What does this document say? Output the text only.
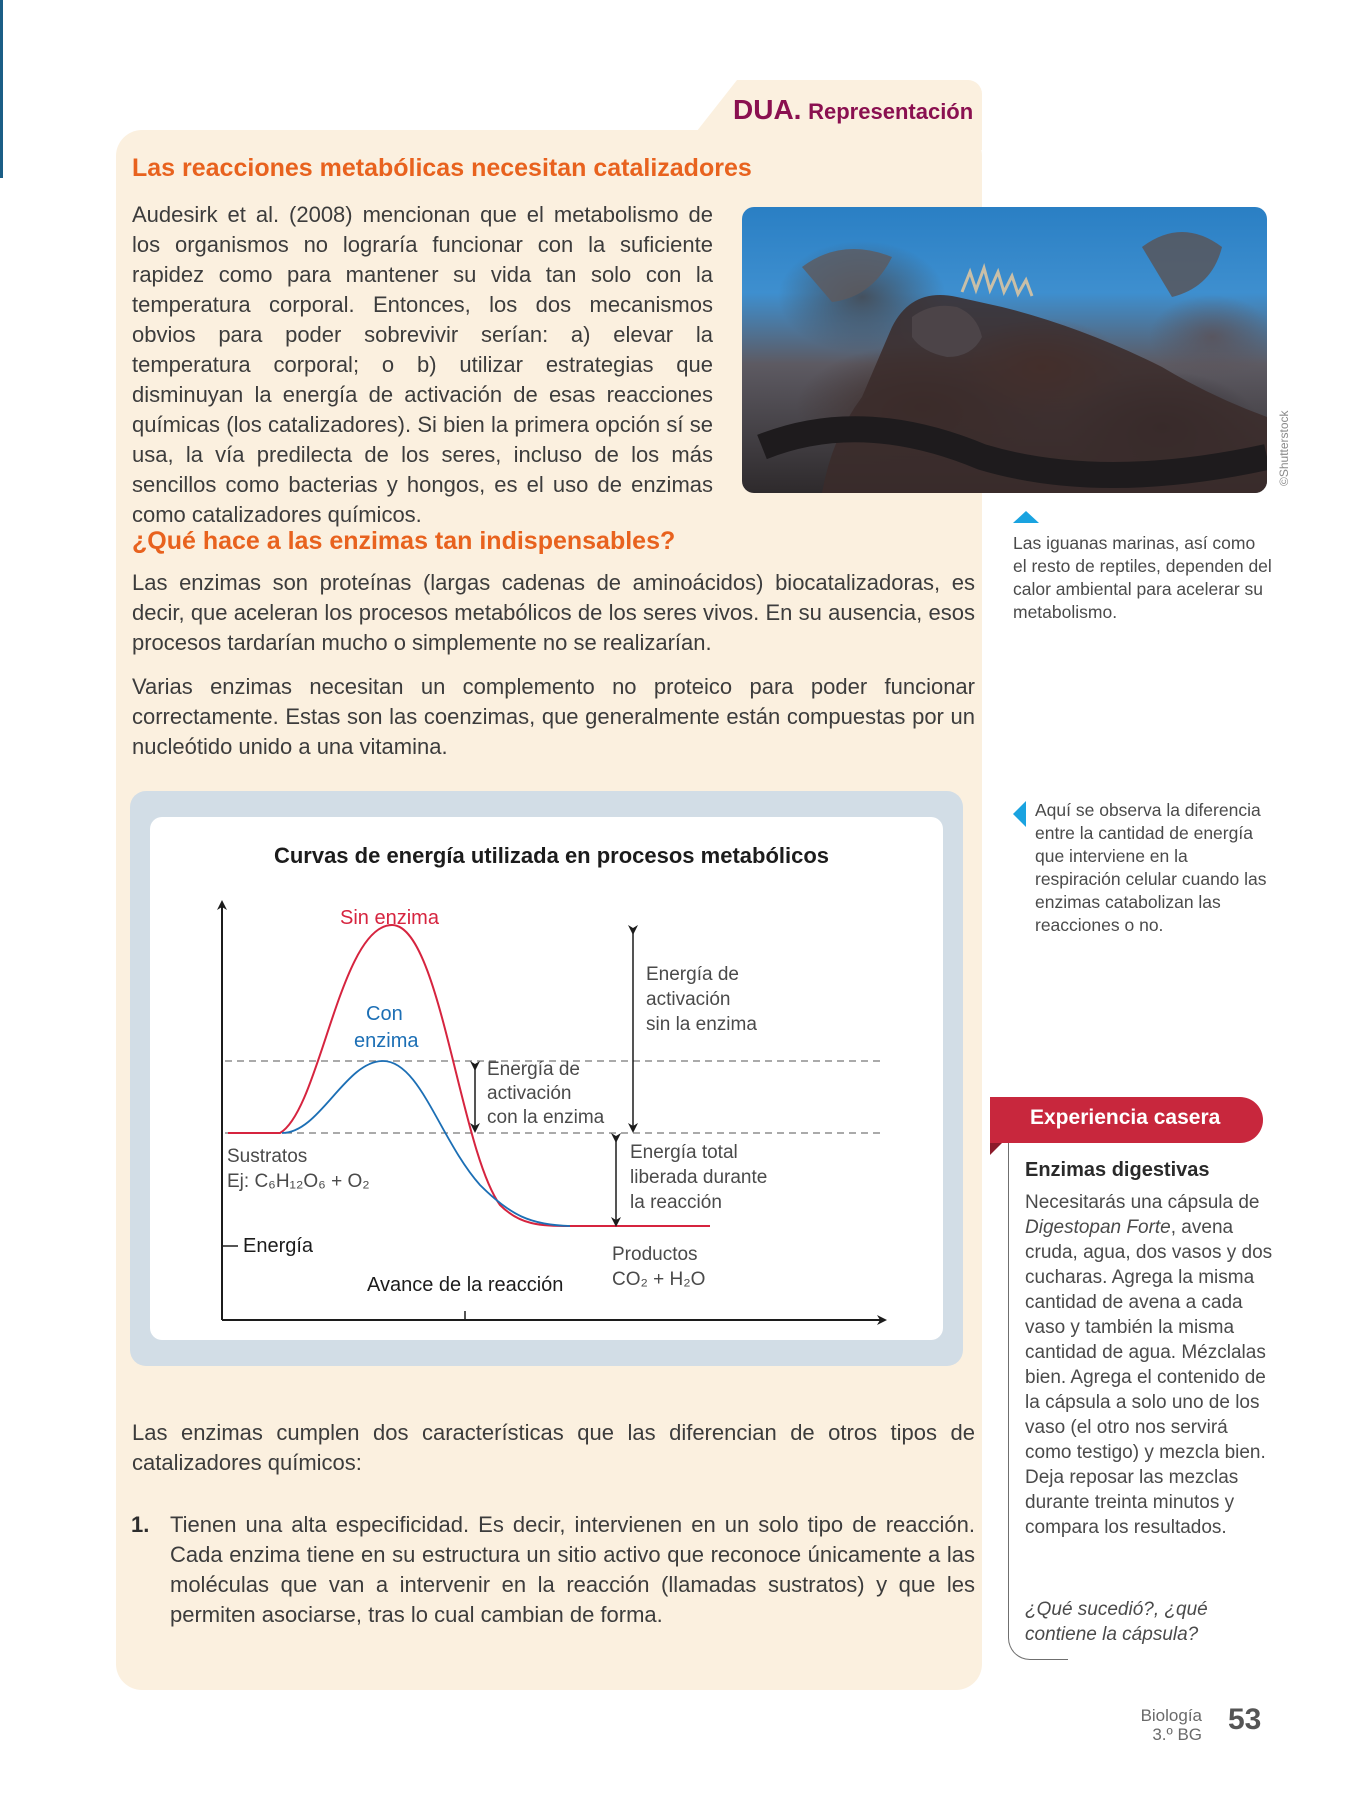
DUA. Representación
Las reacciones metabólicas necesitan catalizadores

Audesirk et al. (2008) mencionan que el metabolismo de los organismos no lograría funcionar con la suficiente rapidez como para mantener su vida tan solo con la temperatura corporal. Entonces, los dos mecanismos obvios para poder sobrevivir serían: a) elevar la temperatura corporal; o b) utilizar estrategias que disminuyan la energía de activación de esas reacciones químicas (los catalizadores). Si bien la primera opción sí se usa, la vía predilecta de los seres, incluso de los más sencillos como bacterias y hongos, es el uso de enzimas como catalizadores químicos.

©Shutterstock

Las iguanas marinas, así como el resto de reptiles, dependen del calor ambiental para acelerar su metabolismo.

¿Qué hace a las enzimas tan indispensables?

Las enzimas son proteínas (largas cadenas de aminoácidos) biocatalizadoras, es decir, que aceleran los procesos metabólicos de los seres vivos. En su ausencia, esos procesos tardarían mucho o simplemente no se realizarían.

Varias enzimas necesitan un complemento no proteico para poder funcionar correctamente. Estas son las coenzimas, que generalmente están compuestas por un nucleótido unido a una vitamina.

Aquí se observa la diferencia entre la cantidad de energía que interviene en la respiración celular cuando las enzimas catabolizan las reacciones o no.

Curvas de energía utilizada en procesos metabólicos
Sin enzima
Con
enzima
Energía de
activación
sin la enzima
Energía de
activación
con la enzima
Energía total
liberada durante
la reacción
Sustratos
Ej: C₆H₁₂O₆ + O₂
Energía
Avance de la reacción
Productos
CO₂ + H₂O

Las enzimas cumplen dos características que las diferencian de otros tipos de catalizadores químicos:

1. Tienen una alta especificidad. Es decir, intervienen en un solo tipo de reacción. Cada enzima tiene en su estructura un sitio activo que reconoce únicamente a las moléculas que van a intervenir en la reacción (llamadas sustratos) y que les permiten asociarse, tras lo cual cambian de forma.

Experiencia casera
Enzimas digestivas

Necesitarás una cápsula de Digestopan Forte, avena cruda, agua, dos vasos y dos cucharas. Agrega la misma cantidad de avena a cada vaso y también la misma cantidad de agua. Mézclalas bien. Agrega el contenido de la cápsula a solo uno de los vaso (el otro nos servirá como testigo) y mezcla bien. Deja reposar las mezclas durante treinta minutos y compara los resultados.

¿Qué sucedió?, ¿qué contiene la cápsula?

Biología
3.º BG 53
